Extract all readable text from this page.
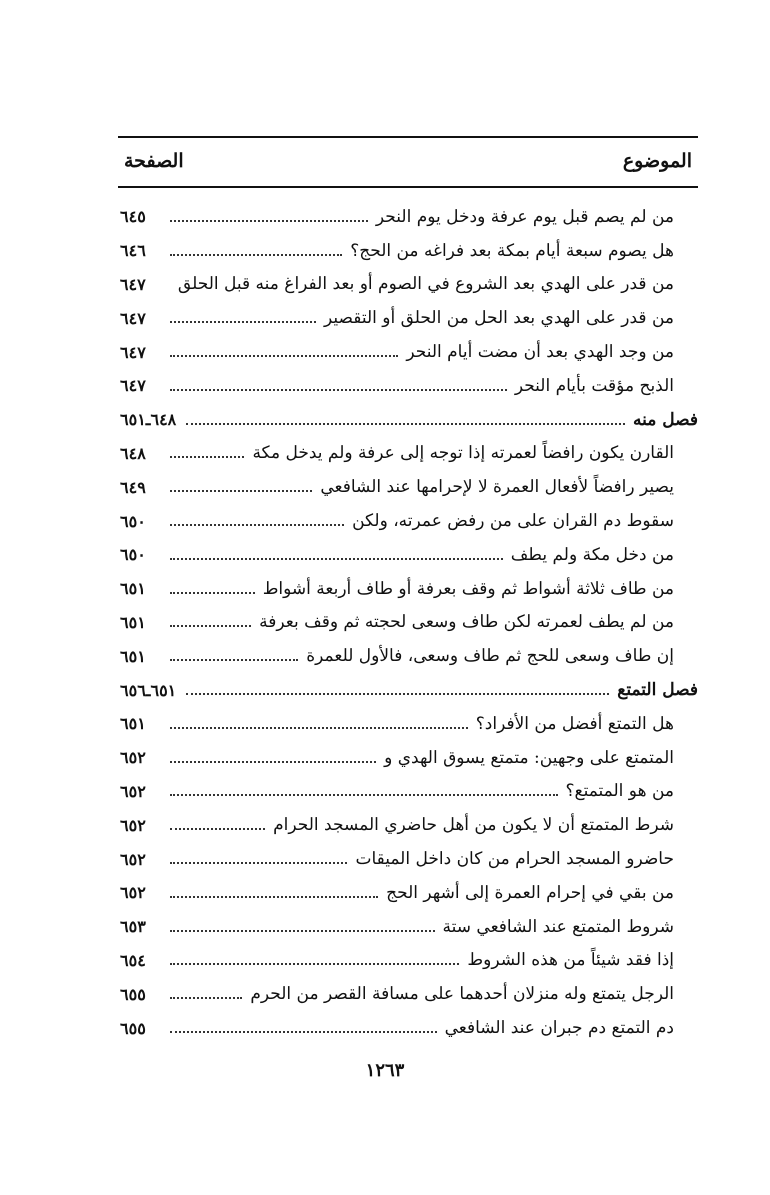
الموضوع
الصفحة
من لم يصم قبل يوم عرفة ودخل يوم النحر
٦٤٥
هل يصوم سبعة أيام بمكة بعد فراغه من الحج؟
٦٤٦
من قدر على الهدي بعد الشروع في الصوم أو بعد الفراغ منه قبل الحلق
٦٤٧
من قدر على الهدي بعد الحل من الحلق أو التقصير
٦٤٧
من وجد الهدي بعد أن مضت أيام النحر
٦٤٧
الذبح مؤقت بأيام النحر
٦٤٧
فصل منه
٦٤٨ـ٦٥١
القارن يكون رافضاً لعمرته إذا توجه إلى عرفة ولم يدخل مكة
٦٤٨
يصير رافضاً لأفعال العمرة لا لإحرامها عند الشافعي
٦٤٩
سقوط دم القران على من رفض عمرته، ولكن
٦٥٠
من دخل مكة ولم يطف
٦٥٠
من طاف ثلاثة أشواط ثم وقف بعرفة أو طاف أربعة أشواط
٦٥١
من لم يطف لعمرته لكن طاف وسعى لحجته ثم وقف بعرفة
٦٥١
إن طاف وسعى للحج ثم طاف وسعى، فالأول للعمرة
٦٥١
فصل التمتع
٦٥١ـ٦٥٦
هل التمتع أفضل من الأفراد؟
٦٥١
المتمتع على وجهين: متمتع يسوق الهدي و
٦٥٢
من هو المتمتع؟
٦٥٢
شرط المتمتع أن لا يكون من أهل حاضري المسجد الحرام
٦٥٢
حاضرو المسجد الحرام من كان داخل الميقات
٦٥٢
من بقي في إحرام العمرة إلى أشهر الحج
٦٥٢
شروط المتمتع عند الشافعي ستة
٦٥٣
إذا فقد شيئاً من هذه الشروط
٦٥٤
الرجل يتمتع وله منزلان أحدهما على مسافة القصر من الحرم
٦٥٥
دم التمتع دم جبران عند الشافعي
٦٥٥
١٢٦٣
